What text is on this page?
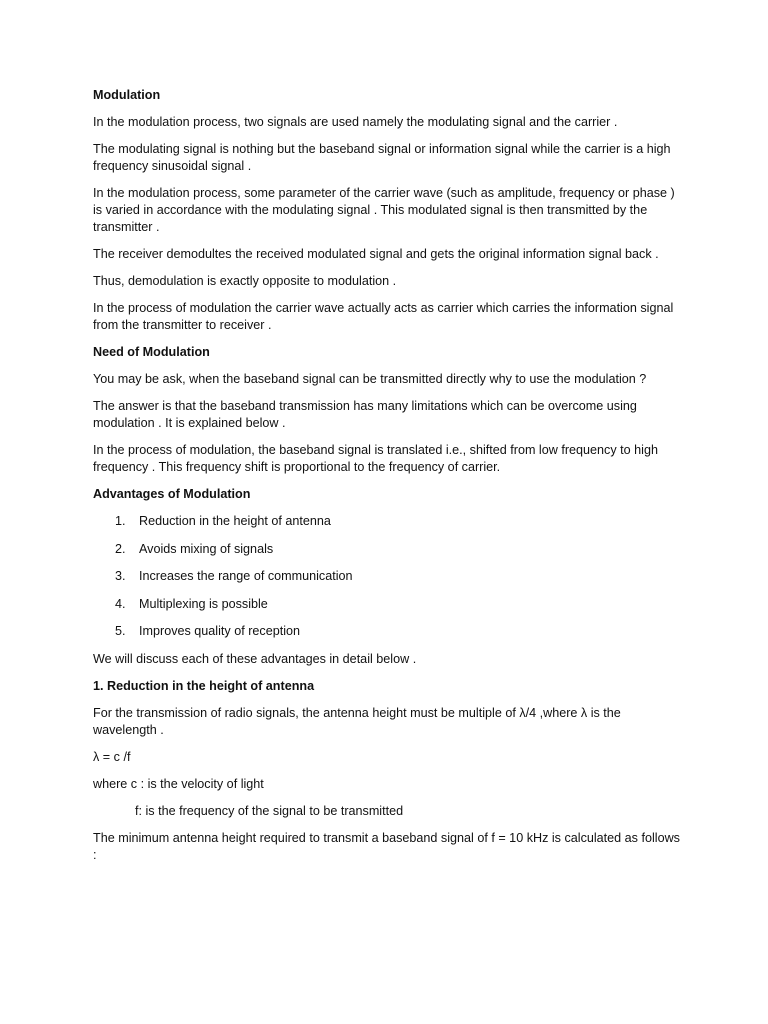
Modulation
In the modulation process, two signals are used namely the modulating signal and the carrier .
The modulating signal is nothing but the baseband signal or information signal while the carrier is a high frequency sinusoidal signal .
In the modulation process, some parameter of the carrier wave (such as amplitude, frequency or phase ) is varied in accordance with the modulating signal . This modulated signal is then transmitted by the transmitter .
The receiver demodultes the received modulated signal and gets the original information signal back .
Thus, demodulation is exactly opposite to modulation .
In the process of modulation the carrier wave actually acts as carrier which carries the information signal from the transmitter to receiver .
Need of Modulation
You may be ask, when the baseband signal can be transmitted directly why to use the modulation ?
The answer is that the baseband transmission has many limitations which can be overcome using modulation . It is explained below .
In the process of modulation, the baseband signal is translated i.e., shifted from low frequency to high frequency . This frequency shift is proportional to the frequency of carrier.
Advantages of Modulation
1.	Reduction in the height of antenna
2.	Avoids mixing of signals
3.	Increases the range of communication
4.	Multiplexing is possible
5.	Improves quality of reception
We will discuss each of these advantages in detail below .
1. Reduction in the height of antenna
For the transmission of radio signals, the antenna height must be multiple of λ/4 ,where λ is the wavelength .
λ = c /f
where c : is the velocity of light
f: is the frequency of the signal to be transmitted
The minimum antenna height required to transmit a baseband signal of f = 10 kHz is calculated as follows :
